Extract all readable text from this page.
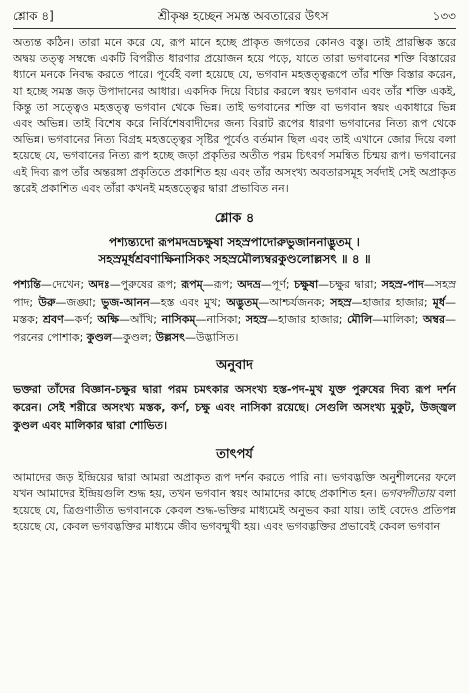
শ্লোক ৪]	শ্রীকৃষ্ণ হচ্ছেন সমস্ত অবতারের উৎস	১৩৩

অত্যন্ত কঠিন। তারা মনে করে যে, রূপ মানে হচ্ছে প্রাকৃত জগতের কোনও বস্তু। তাই প্রারম্ভিক স্তরে অদ্বয় তত্ত্ব সম্বন্ধে একটি বিপরীত ধারণার প্রয়োজন হয়ে পড়ে, যাতে তারা ভগবানের শক্তি বিস্তারের ধ্যানে মনকে নিবদ্ধ করতে পারে। পূর্বেই বলা হয়েছে যে, ভগবান মহত্তত্ত্বরূপে তাঁর শক্তি বিস্তার করেন, যা হচ্ছে সমস্ত জড় উপাদানের আধার। একদিক দিয়ে বিচার করলে স্বয়ং ভগবান এবং তাঁর শক্তি একই, কিন্তু তা সত্ত্বেও মহত্তত্ত্ব ভগবান থেকে ভিন্ন। তাই ভগবানের শক্তি বা ভগবান স্বয়ং একাধারে ভিন্ন এবং অভিন্ন। তাই বিশেষ করে নির্বিশেষবাদীদের জন্য বিরাট রূপের ধারণা ভগবানের নিত্য রূপ থেকে অভিন্ন। ভগবানের নিত্য বিগ্রহ মহত্তত্ত্বের সৃষ্টির পূর্বেও বর্তমান ছিল এবং তাই এখানে জোর দিয়ে বলা হয়েছে যে, ভগবানের নিত্য রূপ হচ্ছে জড়া প্রকৃতির অতীত পরম চিৎবর্গ সমন্বিত চিন্ময় রূপ। ভগবানের এই দিব্য রূপ তাঁর অন্তরঙ্গা প্রকৃতিতে প্রকাশিত হয় এবং তাঁর অসংখ্য অবতারসমূহ সর্বদাই সেই অপ্রাকৃত স্তরেই প্রকাশিত এবং তাঁরা কখনই মহত্তত্ত্বের দ্বারা প্রভাবিত নন।

শ্লোক ৪
পশ্যন্ত্যদো রূপমদভ্রচক্ষুষা সহস্রপাদোরুভুজাননাদ্ভুতম্ ।
সহস্রমূর্ধশ্রবণাক্ষিনাসিকং সহস্রমৌল্যম্বরকুণ্ডলোল্লসৎ ॥ ৪ ॥
পশ্যন্তি—দেখেন; অদঃ—পুরুষের রূপ; রূপম্—রূপ; অদভ্র—পূর্ণ; চক্ষুষা—চক্ষুর দ্বারা; সহস্র-পাদ—সহস্র পাদ; উরু—জঙ্ঘা; ভুজ-আনন—হস্ত এবং মুখ; অদ্ভুতম্—আশ্চর্যজনক; সহস্র—হাজার হাজার; মূর্ধ—মস্তক; শ্রবণ—কর্ণ; অক্ষি—আঁখি; নাসিকম্—নাসিকা; সহস্র—হাজার হাজার; মৌলি—মালিকা; অম্বর—পরনের পোশাক; কুণ্ডল—কুণ্ডল; উল্লসৎ—উদ্ভাসিত।
অনুবাদ
ভক্তরা তাঁদের বিজ্ঞান-চক্ষুর দ্বারা পরম চমৎকার অসংখ্য হস্ত-পদ-মুখ যুক্ত পুরুষের দিব্য রূপ দর্শন করেন। সেই শরীরে অসংখ্য মস্তক, কর্ণ, চক্ষু এবং নাসিকা রয়েছে। সেগুলি অসংখ্য মুকুট, উজ্জ্বল কুণ্ডল এবং মালিকার দ্বারা শোভিত।
তাৎপর্য
আমাদের জড় ইন্দ্রিয়ের দ্বারা আমরা অপ্রাকৃত রূপ দর্শন করতে পারি না। ভগবদ্ভক্তি অনুশীলনের ফলে যখন আমাদের ইন্দ্রিয়গুলি শুদ্ধ হয়, তখন ভগবান স্বয়ং আমাদের কাছে প্রকাশিত হন। ভগবদ্গীতায় বলা হয়েছে যে, ত্রিগুণাতীত ভগবানকে কেবল শুদ্ধ-ভক্তির মাধ্যমেই অনুভব করা যায়। তাই বেদেও প্রতিপন্ন হয়েছে যে, কেবল ভগবদ্ভক্তির মাধ্যমে জীব ভগবন্মুখী হয়। এবং ভগবদ্ভক্তির প্রভাবেই কেবল ভগবান
